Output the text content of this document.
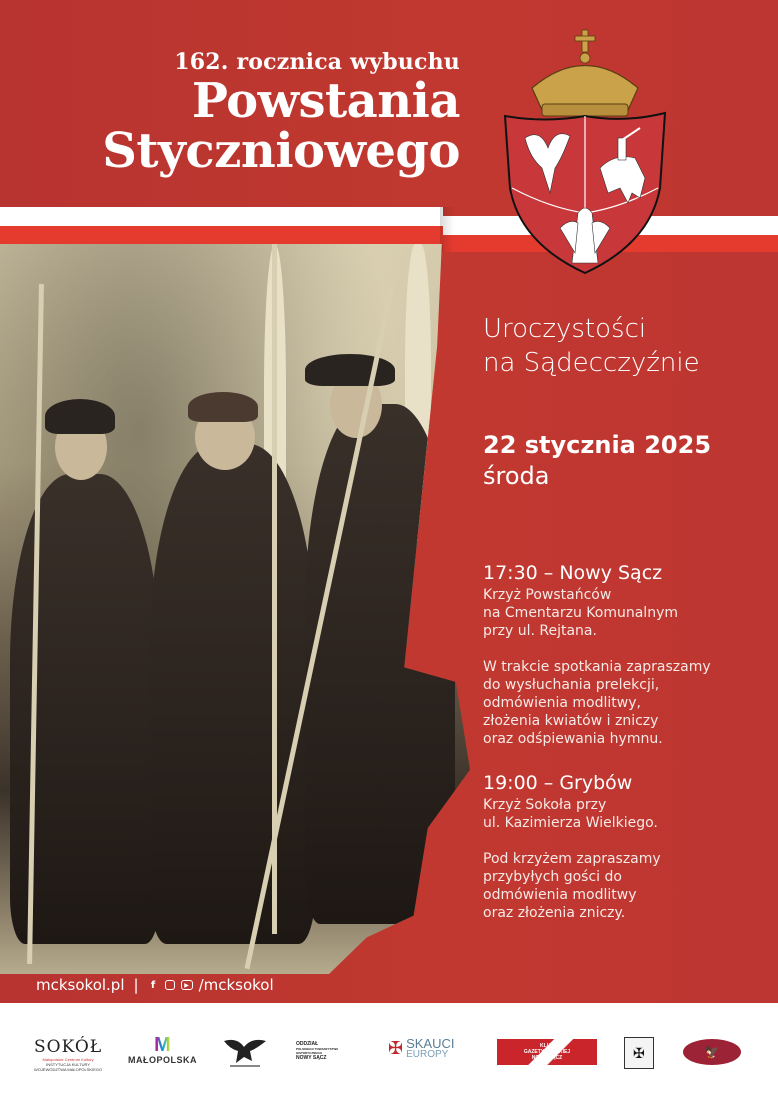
162. rocznica wybuchu
Powstania
Styczniowego
Uroczystości
na Sądecczyźnie
22 stycznia 2025
środa
17:30 – Nowy Sącz
Krzyż Powstańców
na Cmentarzu Komunalnym
przy ul. Rejtana.
W trakcie spotkania zapraszamy
do wysłuchania prelekcji,
odmówienia modlitwy,
złożenia kwiatów i zniczy
oraz odśpiewania hymnu.
19:00 – Grybów
Krzyż Sokoła przy
ul. Kazimierza Wielkiego.
Pod krzyżem zapraszamy
przybyłych gości do
odmówienia modlitwy
oraz złożenia zniczy.
mcksokol.pl |	f	▶ /mcksokol
SOKÓŁ
Małopolskie Centrum Kultury
INSTYTUCJA KULTURY
WOJEWÓDZTWA MAŁOPOLSKIEGO
M
MAŁOPOLSKA
ODDZIAŁ
POLSKIEGO TOWARZYSTWA HISTORYCZNEGO
NOWY SĄCZ	✠ SKAUCI
EUROPY
KLUB
GAZETY POLSKIEJ
NOWY SĄCZ	✠	🦅
